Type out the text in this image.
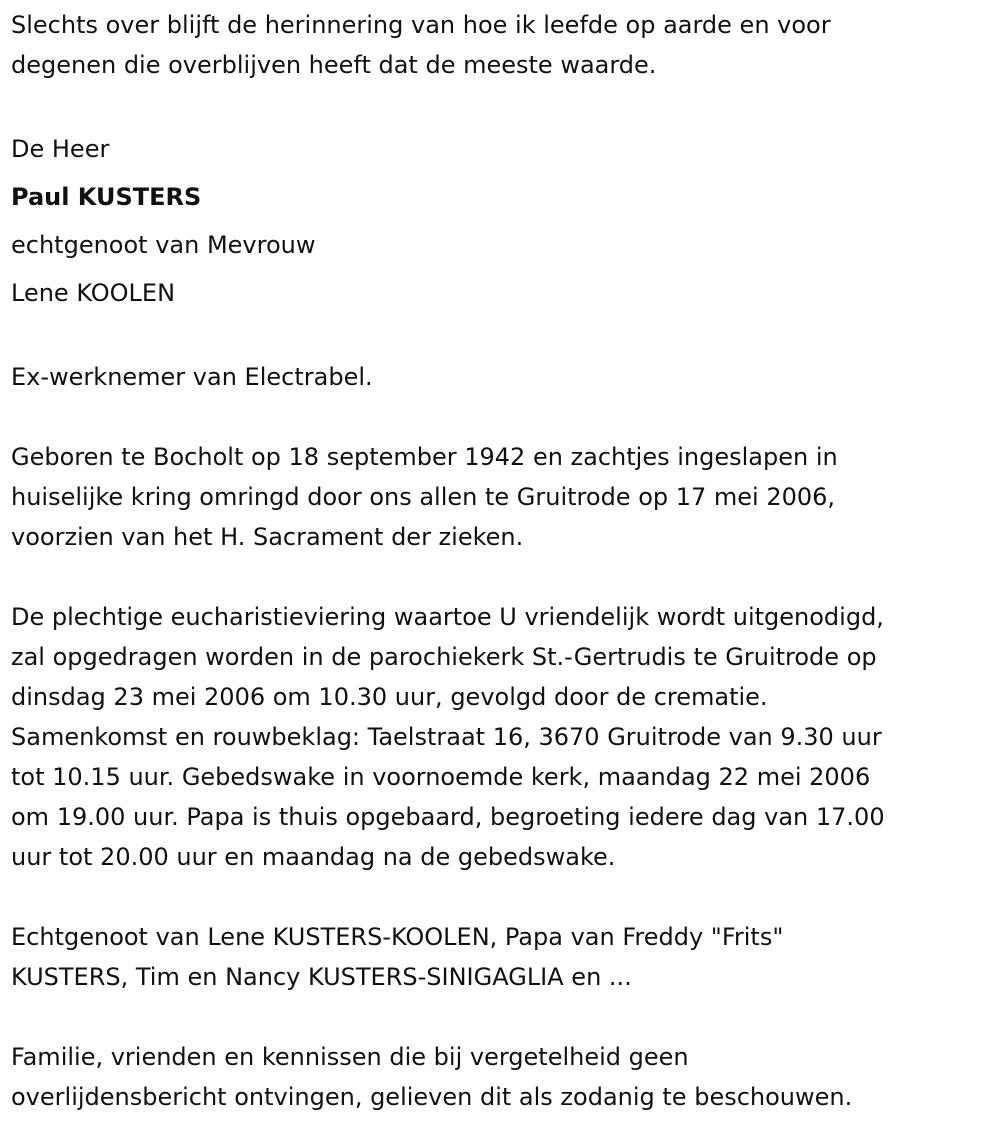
Slechts over blijft de herinnering van hoe ik leefde op aarde en voor
degenen die overblijven heeft dat de meeste waarde.
De Heer
Paul KUSTERS
echtgenoot van Mevrouw
Lene KOOLEN
Ex-werknemer van Electrabel.
Geboren te Bocholt op 18 september 1942 en zachtjes ingeslapen in
huiselijke kring omringd door ons allen te Gruitrode op 17 mei 2006,
voorzien van het H. Sacrament der zieken.
De plechtige eucharistieviering waartoe U vriendelijk wordt uitgenodigd,
zal opgedragen worden in de parochiekerk St.-Gertrudis te Gruitrode op
dinsdag 23 mei 2006 om 10.30 uur, gevolgd door de crematie.
Samenkomst en rouwbeklag: Taelstraat 16, 3670 Gruitrode van 9.30 uur
tot 10.15 uur. Gebedswake in voornoemde kerk, maandag 22 mei 2006
om 19.00 uur. Papa is thuis opgebaard, begroeting iedere dag van 17.00
uur tot 20.00 uur en maandag na de gebedswake.
Echtgenoot van Lene KUSTERS-KOOLEN, Papa van Freddy "Frits"
KUSTERS, Tim en Nancy KUSTERS-SINIGAGLIA en ...
Familie, vrienden en kennissen die bij vergetelheid geen
overlijdensbericht ontvingen, gelieven dit als zodanig te beschouwen.
